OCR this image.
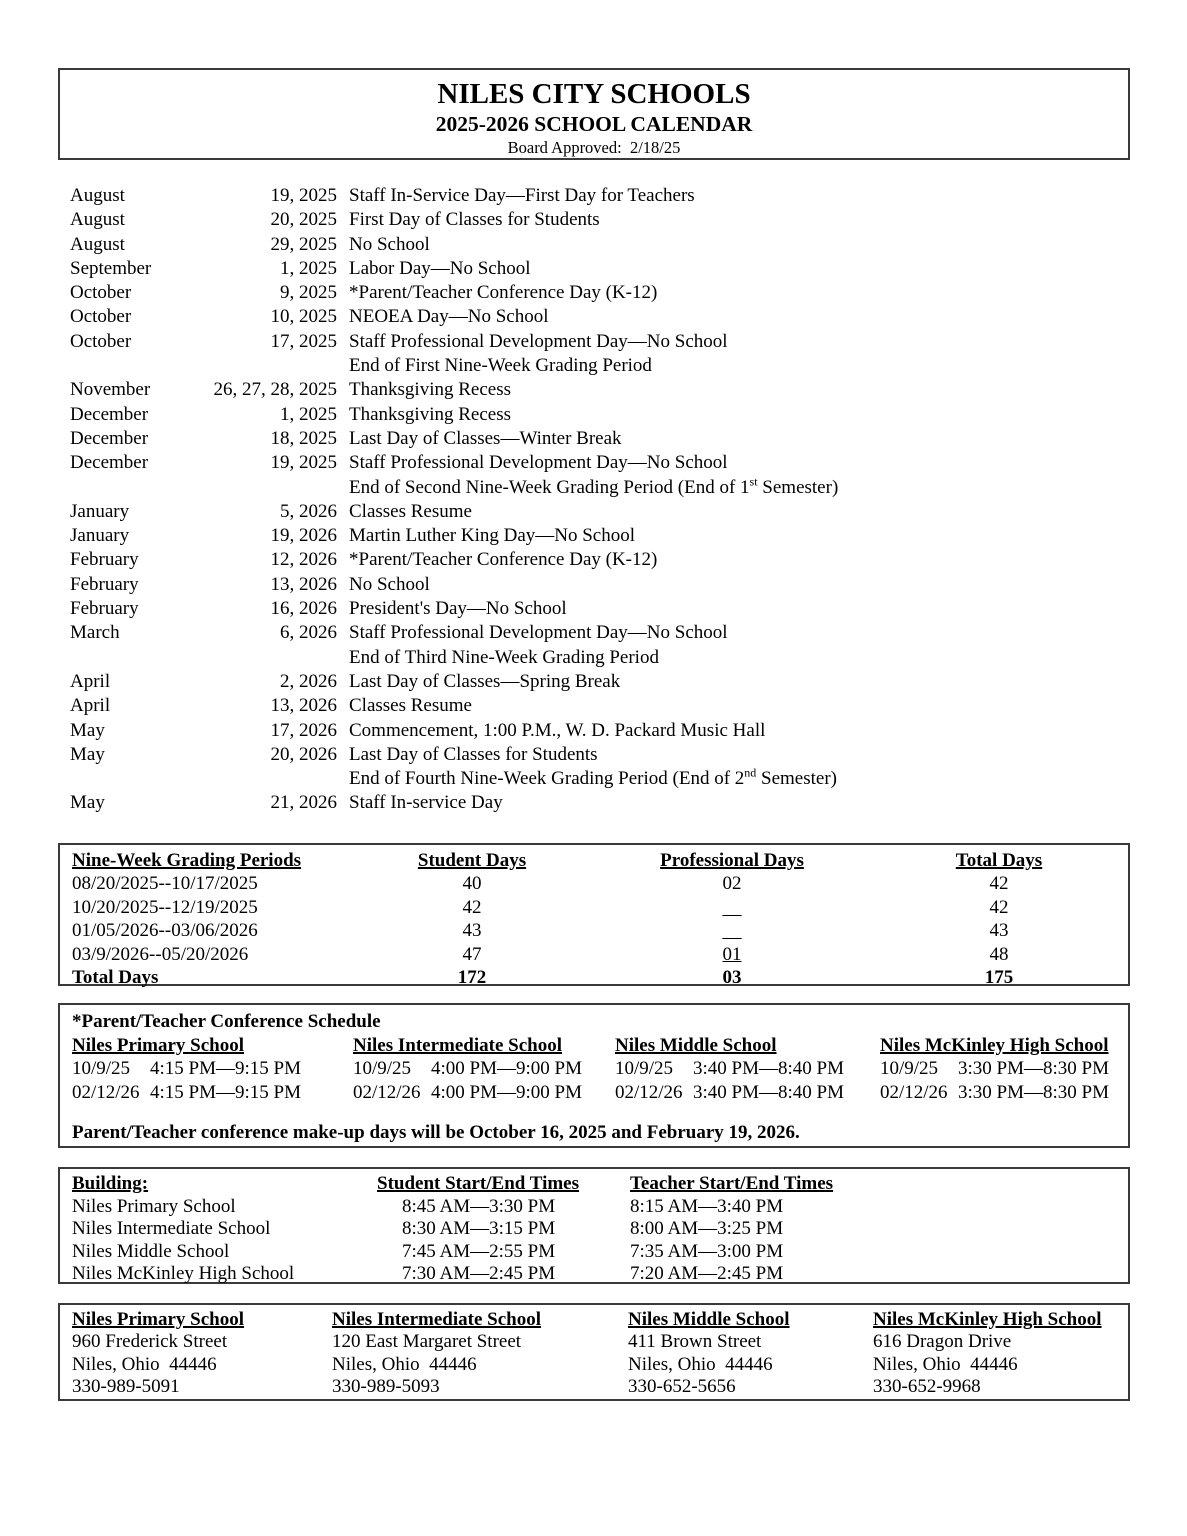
NILES CITY SCHOOLS
2025-2026 SCHOOL CALENDAR
Board Approved:  2/18/25
August	19, 2025 Staff In-Service Day—First Day for Teachers
August	20, 2025 First Day of Classes for Students
August	29, 2025 No School
September	1, 2025 Labor Day—No School
October	9, 2025 *Parent/Teacher Conference Day (K-12)
October	10, 2025 NEOEA Day—No School
October	17, 2025 Staff Professional Development Day—No School
End of First Nine-Week Grading Period
November	26, 27, 28, 2025 Thanksgiving Recess
December	1, 2025 Thanksgiving Recess
December	18, 2025 Last Day of Classes—Winter Break
December	19, 2025 Staff Professional Development Day—No School
End of Second Nine-Week Grading Period (End of 1st Semester)
January	5, 2026 Classes Resume
January	19, 2026 Martin Luther King Day—No School
February	12, 2026 *Parent/Teacher Conference Day (K-12)
February	13, 2026 No School
February	16, 2026 President's Day—No School
March	6, 2026 Staff Professional Development Day—No School
End of Third Nine-Week Grading Period
April	2, 2026 Last Day of Classes—Spring Break
April	13, 2026 Classes Resume
May	17, 2026 Commencement, 1:00 P.M., W. D. Packard Music Hall
May	20, 2026 Last Day of Classes for Students
End of Fourth Nine-Week Grading Period (End of 2nd Semester)
May	21, 2026 Staff In-service Day
Nine-Week Grading Periods	Student Days	Professional Days	Total Days
08/20/2025--10/17/2025	40	02	42
10/20/2025--12/19/2025	42	—	42
01/05/2026--03/06/2026	43	—	43
03/9/2026--05/20/2026	47	01	48
Total Days	172	03	175
*Parent/Teacher Conference Schedule
Niles Primary School
10/9/25	4:15 PM—9:15 PM
02/12/26 4:15 PM—9:15 PM
Niles Intermediate School
10/9/25	4:00 PM—9:00 PM
02/12/26 4:00 PM—9:00 PM
Niles Middle School
10/9/25	3:40 PM—8:40 PM
02/12/26 3:40 PM—8:40 PM
Niles McKinley High School
10/9/25	3:30 PM—8:30 PM
02/12/26 3:30 PM—8:30 PM
Parent/Teacher conference make-up days will be October 16, 2025 and February 19, 2026.
Building:	Student Start/End Times	Teacher Start/End Times
Niles Primary School	8:45 AM—3:30 PM	8:15 AM—3:40 PM
Niles Intermediate School	8:30 AM—3:15 PM	8:00 AM—3:25 PM
Niles Middle School	7:45 AM—2:55 PM	7:35 AM—3:00 PM
Niles McKinley High School	7:30 AM—2:45 PM	7:20 AM—2:45 PM
Niles Primary School
960 Frederick Street
Niles, Ohio  44446
330-989-5091
Niles Intermediate School
120 East Margaret Street
Niles, Ohio  44446
330-989-5093
Niles Middle School
411 Brown Street
Niles, Ohio  44446
330-652-5656
Niles McKinley High School
616 Dragon Drive
Niles, Ohio  44446
330-652-9968
